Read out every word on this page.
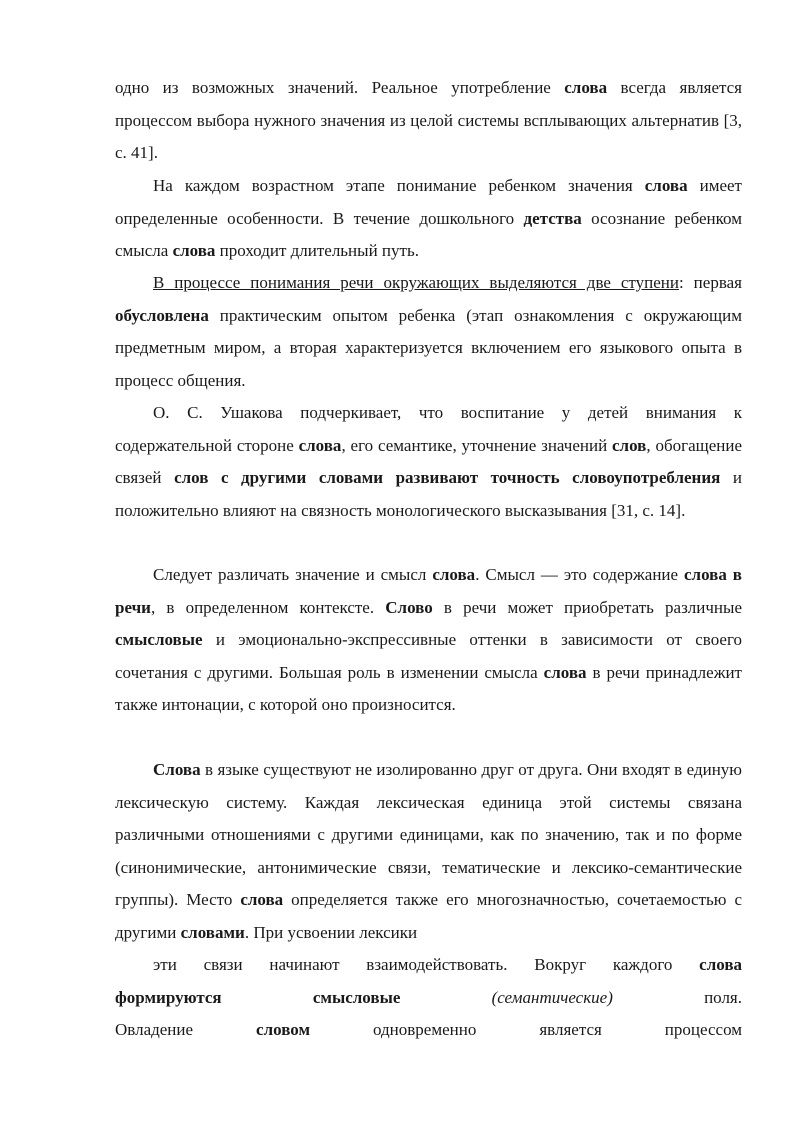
одно из возможных значений. Реальное употребление слова всегда является процессом выбора нужного значения из целой системы всплывающих альтернатив [3, с. 41].
На каждом возрастном этапе понимание ребенком значения слова имеет определенные особенности. В течение дошкольного детства осознание ребенком смысла слова проходит длительный путь.
В процессе понимания речи окружающих выделяются две ступени: первая обусловлена практическим опытом ребенка (этап ознакомления с окружающим предметным миром, а вторая характеризуется включением его языкового опыта в процесс общения.
О. С. Ушакова подчеркивает, что воспитание у детей внимания к содержательной стороне слова, его семантике, уточнение значений слов, обогащение связей слов с другими словами развивают точность словоупотребления и положительно влияют на связность монологического высказывания [31, с. 14].
Следует различать значение и смысл слова. Смысл — это содержание слова в речи, в определенном контексте. Слово в речи может приобретать различные смысловые и эмоционально-экспрессивные оттенки в зависимости от своего сочетания с другими. Большая роль в изменении смысла слова в речи принадлежит также интонации, с которой оно произносится.
Слова в языке существуют не изолированно друг от друга. Они входят в единую лексическую систему. Каждая лексическая единица этой системы связана различными отношениями с другими единицами, как по значению, так и по форме (синонимические, антонимические связи, тематические и лексико-семантические группы). Место слова определяется также его многозначностью, сочетаемостью с другими словами. При усвоении лексики
эти связи начинают взаимодействовать. Вокруг каждого слова
формируются	смысловые	(семантические) поля.
Овладение словом одновременно является процессом
